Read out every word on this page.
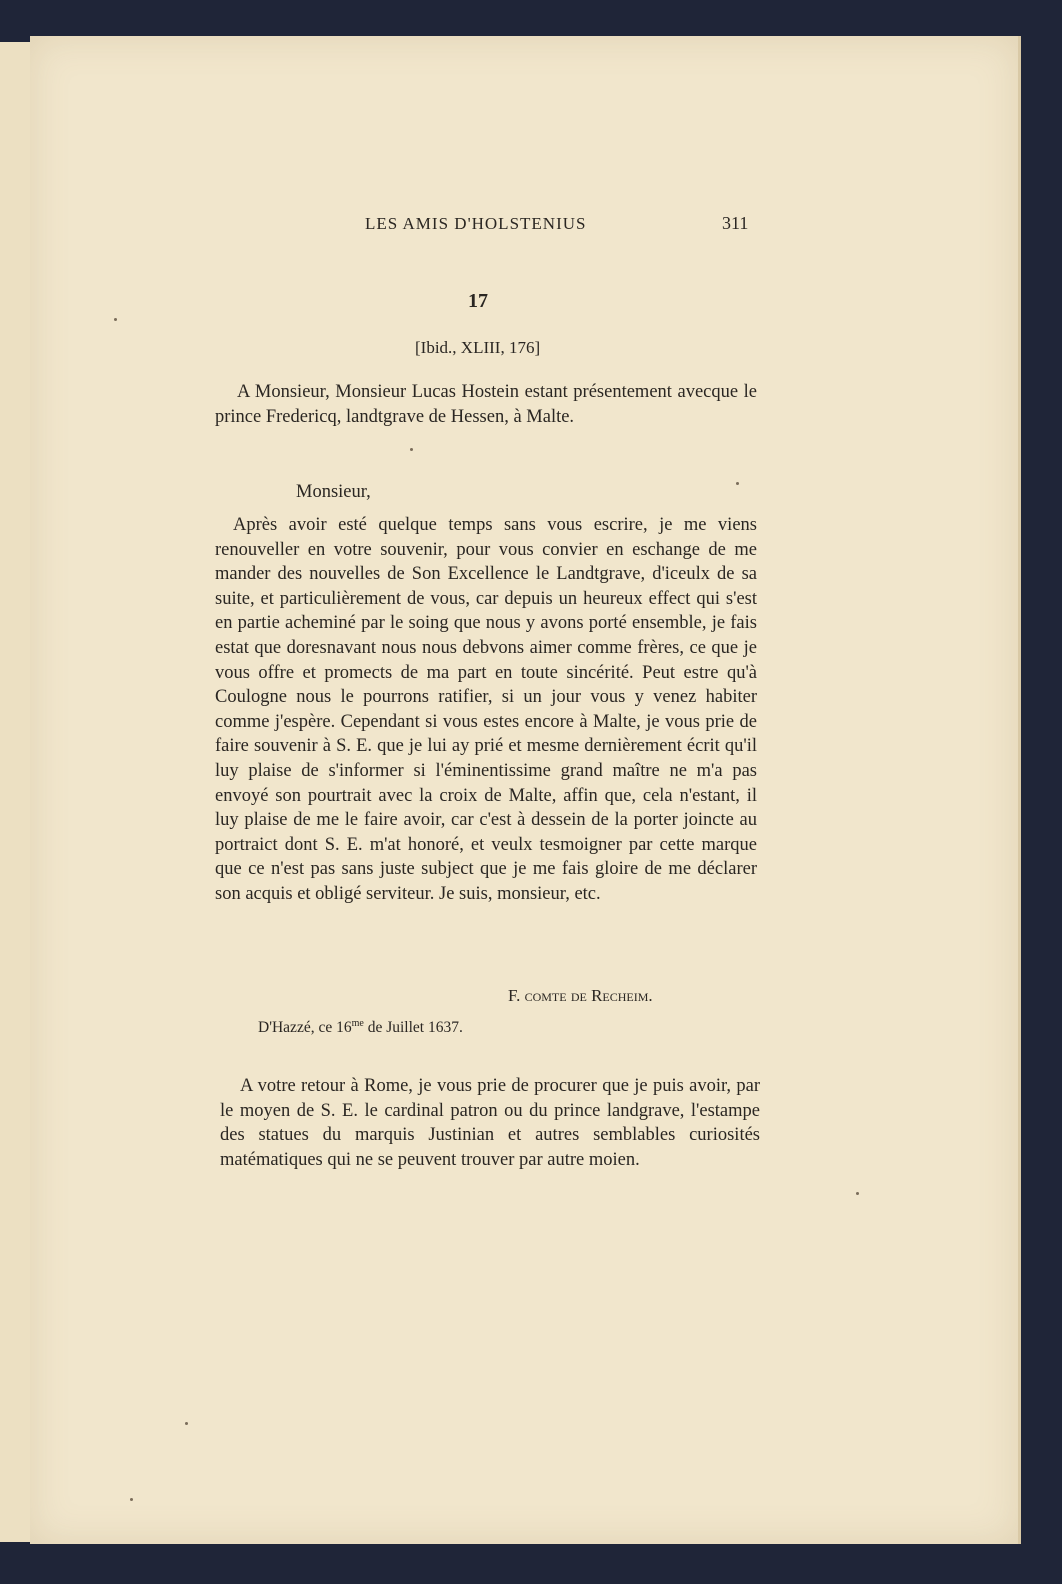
LES AMIS D'HOLSTENIUS	311
17
[Ibid., XLIII, 176]

A Monsieur, Monsieur Lucas Hostein estant présentement avecque le prince Fredericq, landtgrave de Hessen, à Malte.

Monsieur,

Après avoir esté quelque temps sans vous escrire, je me viens renouveller en votre souvenir, pour vous convier en eschange de me mander des nouvelles de Son Excellence le Landtgrave, d'iceulx de sa suite, et particulièrement de vous, car depuis un heureux effect qui s'est en partie acheminé par le soing que nous y avons porté ensemble, je fais estat que doresnavant nous nous debvons aimer comme frères, ce que je vous offre et promects de ma part en toute sincérité. Peut estre qu'à Coulogne nous le pourrons ratifier, si un jour vous y venez habiter comme j'espère. Cependant si vous estes encore à Malte, je vous prie de faire souvenir à S. E. que je lui ay prié et mesme dernièrement écrit qu'il luy plaise de s'informer si l'éminentissime grand maître ne m'a pas envoyé son pourtrait avec la croix de Malte, affin que, cela n'estant, il luy plaise de me le faire avoir, car c'est à dessein de la porter joincte au portraict dont S. E. m'at honoré, et veulx tesmoigner par cette marque que ce n'est pas sans juste subject que je me fais gloire de me déclarer son acquis et obligé serviteur. Je suis, monsieur, etc.

F. comte de Recheim.
D'Hazzé, ce $16^{me}$ de Juillet 1637.

A votre retour à Rome, je vous prie de procurer que je puis avoir, par le moyen de S. E. le cardinal patron ou du prince landgrave, l'estampe des statues du marquis Justinian et autres semblables curiosités matématiques qui ne se peuvent trouver par autre moien.
